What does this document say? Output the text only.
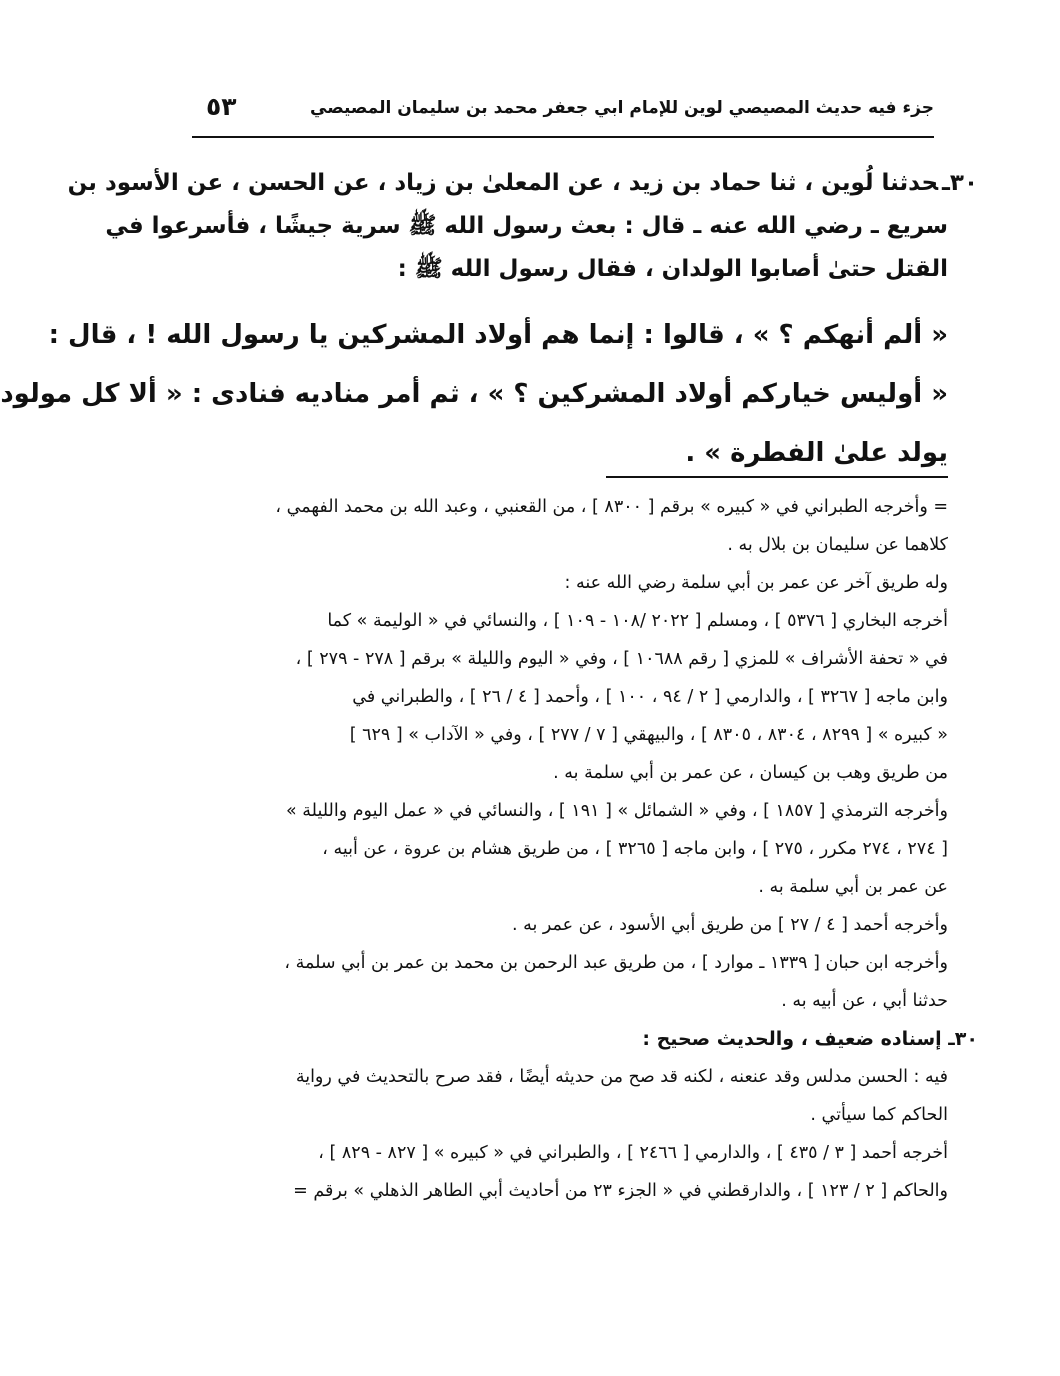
جزء فيه حديث المصيصي لوين للإمام ابي جعفر محمد بن سليمان المصيصي
٥٣
٣٠ـحدثنا لُوين ، ثنا حماد بن زيد ، عن المعلىٰ بن زياد ، عن الحسن ، عن الأسود بن
سريع ـ رضي الله عنه ـ قال : بعث رسول الله ﷺ سرية جيشًا ، فأسرعوا في
القتل حتىٰ أصابوا الولدان ، فقال رسول الله ﷺ :
« ألم أنهكم ؟ » ، قالوا : إنما هم أولاد المشركين يا رسول الله ! ، قال :
« أوليس خياركم أولاد المشركين ؟ » ، ثم أمر مناديه فنادى : « ألا كل مولود
يولد علىٰ الفطرة » .
= وأخرجه الطبراني في « كبيره » برقم [ ٨٣٠٠ ] ، من القعنبي ، وعبد الله بن محمد الفهمي ،
كلاهما عن سليمان بن بلال به .
وله طريق آخر عن عمر بن أبي سلمة رضي الله عنه :
أخرجه البخاري [ ٥٣٧٦ ] ، ومسلم [ ٢٠٢٢ /١٠٨ - ١٠٩ ] ، والنسائي في « الوليمة » كما
في « تحفة الأشراف » للمزي [ رقم ١٠٦٨٨ ] ، وفي « اليوم والليلة » برقم [ ٢٧٨ - ٢٧٩ ] ،
وابن ماجه [ ٣٢٦٧ ] ، والدارمي [ ٢ / ٩٤ ، ١٠٠ ] ، وأحمد [ ٤ / ٢٦ ] ، والطبراني في
« كبيره » [ ٨٢٩٩ ، ٨٣٠٤ ، ٨٣٠٥ ] ، والبيهقي [ ٧ / ٢٧٧ ] ، وفي « الآداب » [ ٦٢٩ ]
من طريق وهب بن كيسان ، عن عمر بن أبي سلمة به .
وأخرجه الترمذي [ ١٨٥٧ ] ، وفي « الشمائل » [ ١٩١ ] ، والنسائي في « عمل اليوم والليلة »
[ ٢٧٤ ، ٢٧٤ مكرر ، ٢٧٥ ] ، وابن ماجه [ ٣٢٦٥ ] ، من طريق هشام بن عروة ، عن أبيه ،
عن عمر بن أبي سلمة به .
وأخرجه أحمد [ ٤ / ٢٧ ] من طريق أبي الأسود ، عن عمر به .
وأخرجه ابن حبان [ ١٣٣٩ ـ موارد ] ، من طريق عبد الرحمن بن محمد بن عمر بن أبي سلمة ،
حدثنا أبي ، عن أبيه به .
٣٠ـ إسناده ضعيف ، والحديث صحيح :
فيه : الحسن مدلس وقد عنعنه ، لكنه قد صح من حديثه أيضًا ، فقد صرح بالتحديث في رواية
الحاكم كما سيأتي .
أخرجه أحمد [ ٣ / ٤٣٥ ] ، والدارمي [ ٢٤٦٦ ] ، والطبراني في « كبيره » [ ٨٢٧ - ٨٢٩ ] ،
والحاكم [ ٢ / ١٢٣ ] ، والدارقطني في « الجزء ٢٣ من أحاديث أبي الطاهر الذهلي » برقم =
